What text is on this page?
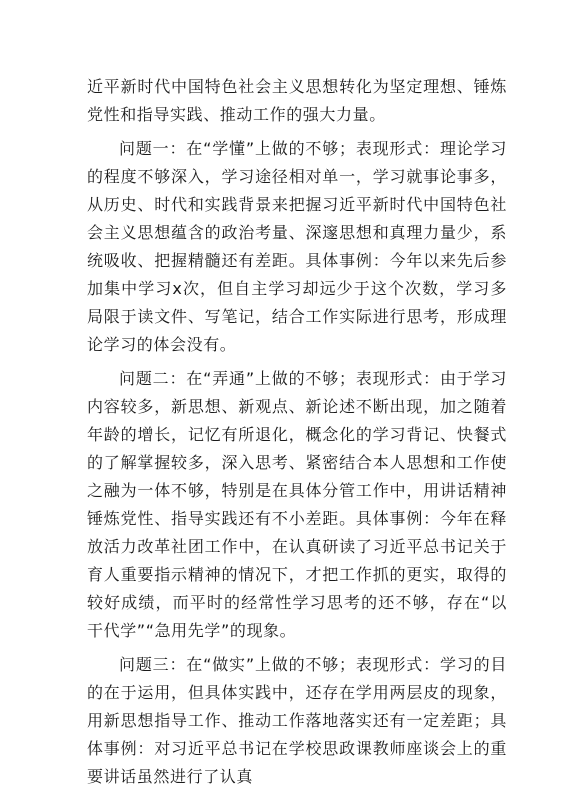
近平新时代中国特色社会主义思想转化为坚定理想、锤炼党性和指导实践、推动工作的强大力量。

问题一：在“学懂”上做的不够；表现形式：理论学习的程度不够深入，学习途径相对单一，学习就事论事多，从历史、时代和实践背景来把握习近平新时代中国特色社会主义思想蕴含的政治考量、深邃思想和真理力量少，系统吸收、把握精髓还有差距。具体事例：今年以来先后参加集中学习x次，但自主学习却远少于这个次数，学习多局限于读文件、写笔记，结合工作实际进行思考，形成理论学习的体会没有。

问题二：在“弄通”上做的不够；表现形式：由于学习内容较多，新思想、新观点、新论述不断出现，加之随着年龄的增长，记忆有所退化，概念化的学习背记、快餐式的了解掌握较多，深入思考、紧密结合本人思想和工作使之融为一体不够，特别是在具体分管工作中，用讲话精神锤炼党性、指导实践还有不小差距。具体事例：今年在释放活力改革社团工作中，在认真研读了习近平总书记关于育人重要指示精神的情况下，才把工作抓的更实，取得的较好成绩，而平时的经常性学习思考的还不够，存在“以干代学”“急用先学”的现象。

问题三：在“做实”上做的不够；表现形式：学习的目的在于运用，但具体实践中，还存在学用两层皮的现象，用新思想指导工作、推动工作落地落实还有一定差距；具体事例：对习近平总书记在学校思政课教师座谈会上的重要讲话虽然进行了认真
